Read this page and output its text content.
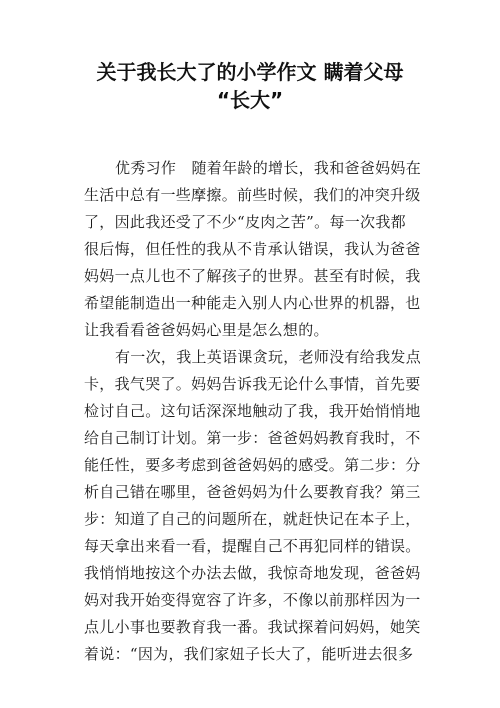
关于我长大了的小学作文 瞒着父母
“长大”
优秀习作　随着年龄的增长，我和爸爸妈妈在
生活中总有一些摩擦。前些时候，我们的冲突升级
了，因此我还受了不少“皮肉之苦”。每一次我都
很后悔，但任性的我从不肯承认错误，我认为爸爸
妈妈一点儿也不了解孩子的世界。甚至有时候，我
希望能制造出一种能走入别人内心世界的机器，也
让我看看爸爸妈妈心里是怎么想的。
有一次，我上英语课贪玩，老师没有给我发点
卡，我气哭了。妈妈告诉我无论什么事情，首先要
检讨自己。这句话深深地触动了我，我开始悄悄地
给自己制订计划。第一步：爸爸妈妈教育我时，不
能任性，要多考虑到爸爸妈妈的感受。第二步：分
析自己错在哪里，爸爸妈妈为什么要教育我？第三
步：知道了自己的问题所在，就赶快记在本子上，
每天拿出来看一看，提醒自己不再犯同样的错误。
我悄悄地按这个办法去做，我惊奇地发现，爸爸妈
妈对我开始变得宽容了许多，不像以前那样因为一
点儿小事也要教育我一番。我试探着问妈妈，她笑
着说：“因为，我们家妞子长大了，能听进去很多
